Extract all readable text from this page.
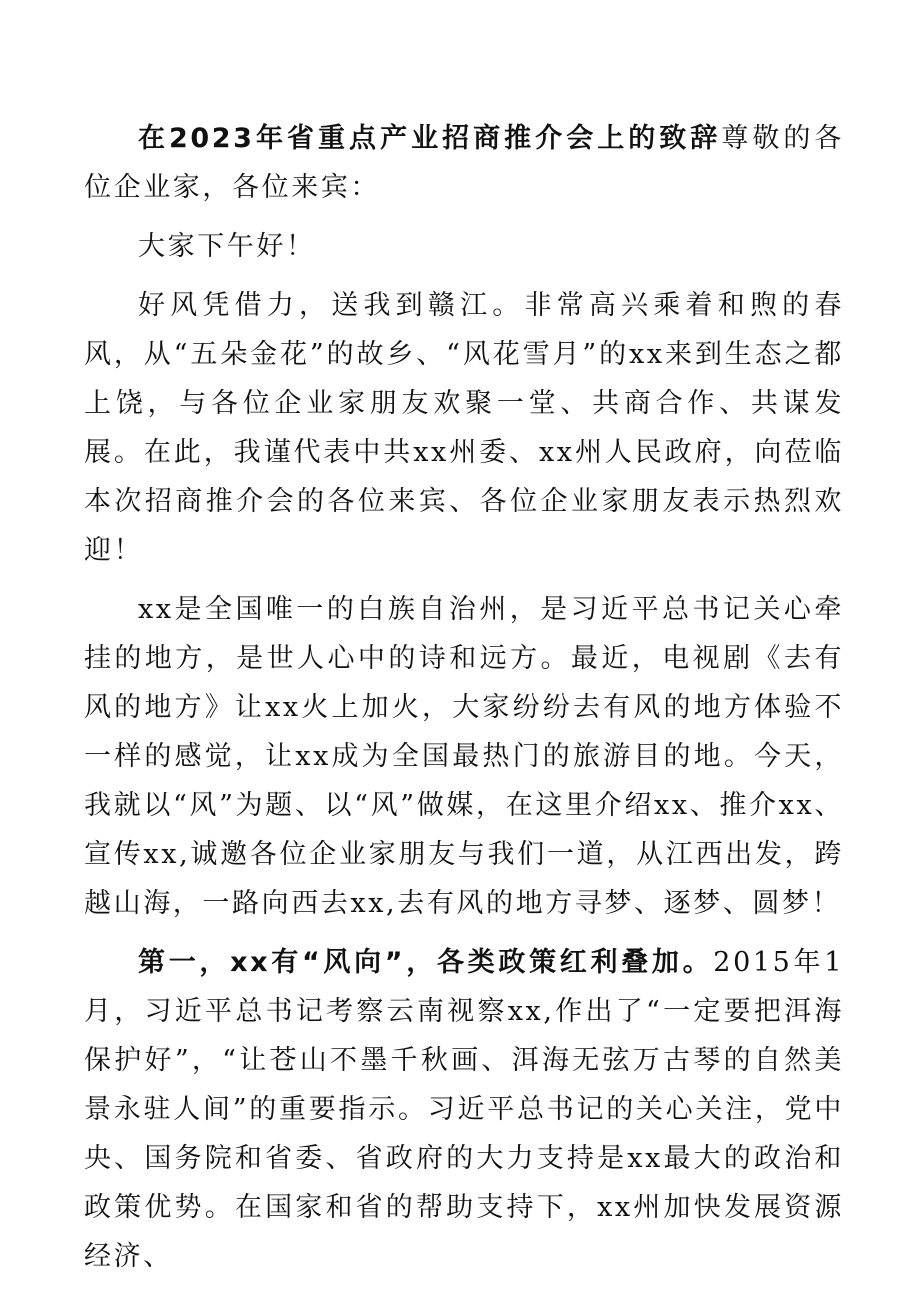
在2023年省重点产业招商推介会上的致辞尊敬的各位企业家，各位来宾：

大家下午好！

好风凭借力，送我到赣江。非常高兴乘着和煦的春风，从“五朵金花”的故乡、“风花雪月”的xx来到生态之都上饶，与各位企业家朋友欢聚一堂、共商合作、共谋发展。在此，我谨代表中共xx州委、xx州人民政府，向莅临本次招商推介会的各位来宾、各位企业家朋友表示热烈欢迎！

xx是全国唯一的白族自治州，是习近平总书记关心牵挂的地方，是世人心中的诗和远方。最近，电视剧《去有风的地方》让xx火上加火，大家纷纷去有风的地方体验不一样的感觉，让xx成为全国最热门的旅游目的地。今天，我就以“风”为题、以“风”做媒，在这里介绍xx、推介xx、宣传xx,诚邀各位企业家朋友与我们一道，从江西出发，跨越山海，一路向西去xx,去有风的地方寻梦、逐梦、圆梦！

第一，xx有“风向”，各类政策红利叠加。2015年1月，习近平总书记考察云南视察xx,作出了“一定要把洱海保护好”，“让苍山不墨千秋画、洱海无弦万古琴的自然美景永驻人间”的重要指示。习近平总书记的关心关注，党中央、国务院和省委、省政府的大力支持是xx最大的政治和政策优势。在国家和省的帮助支持下，xx州加快发展资源经济、
